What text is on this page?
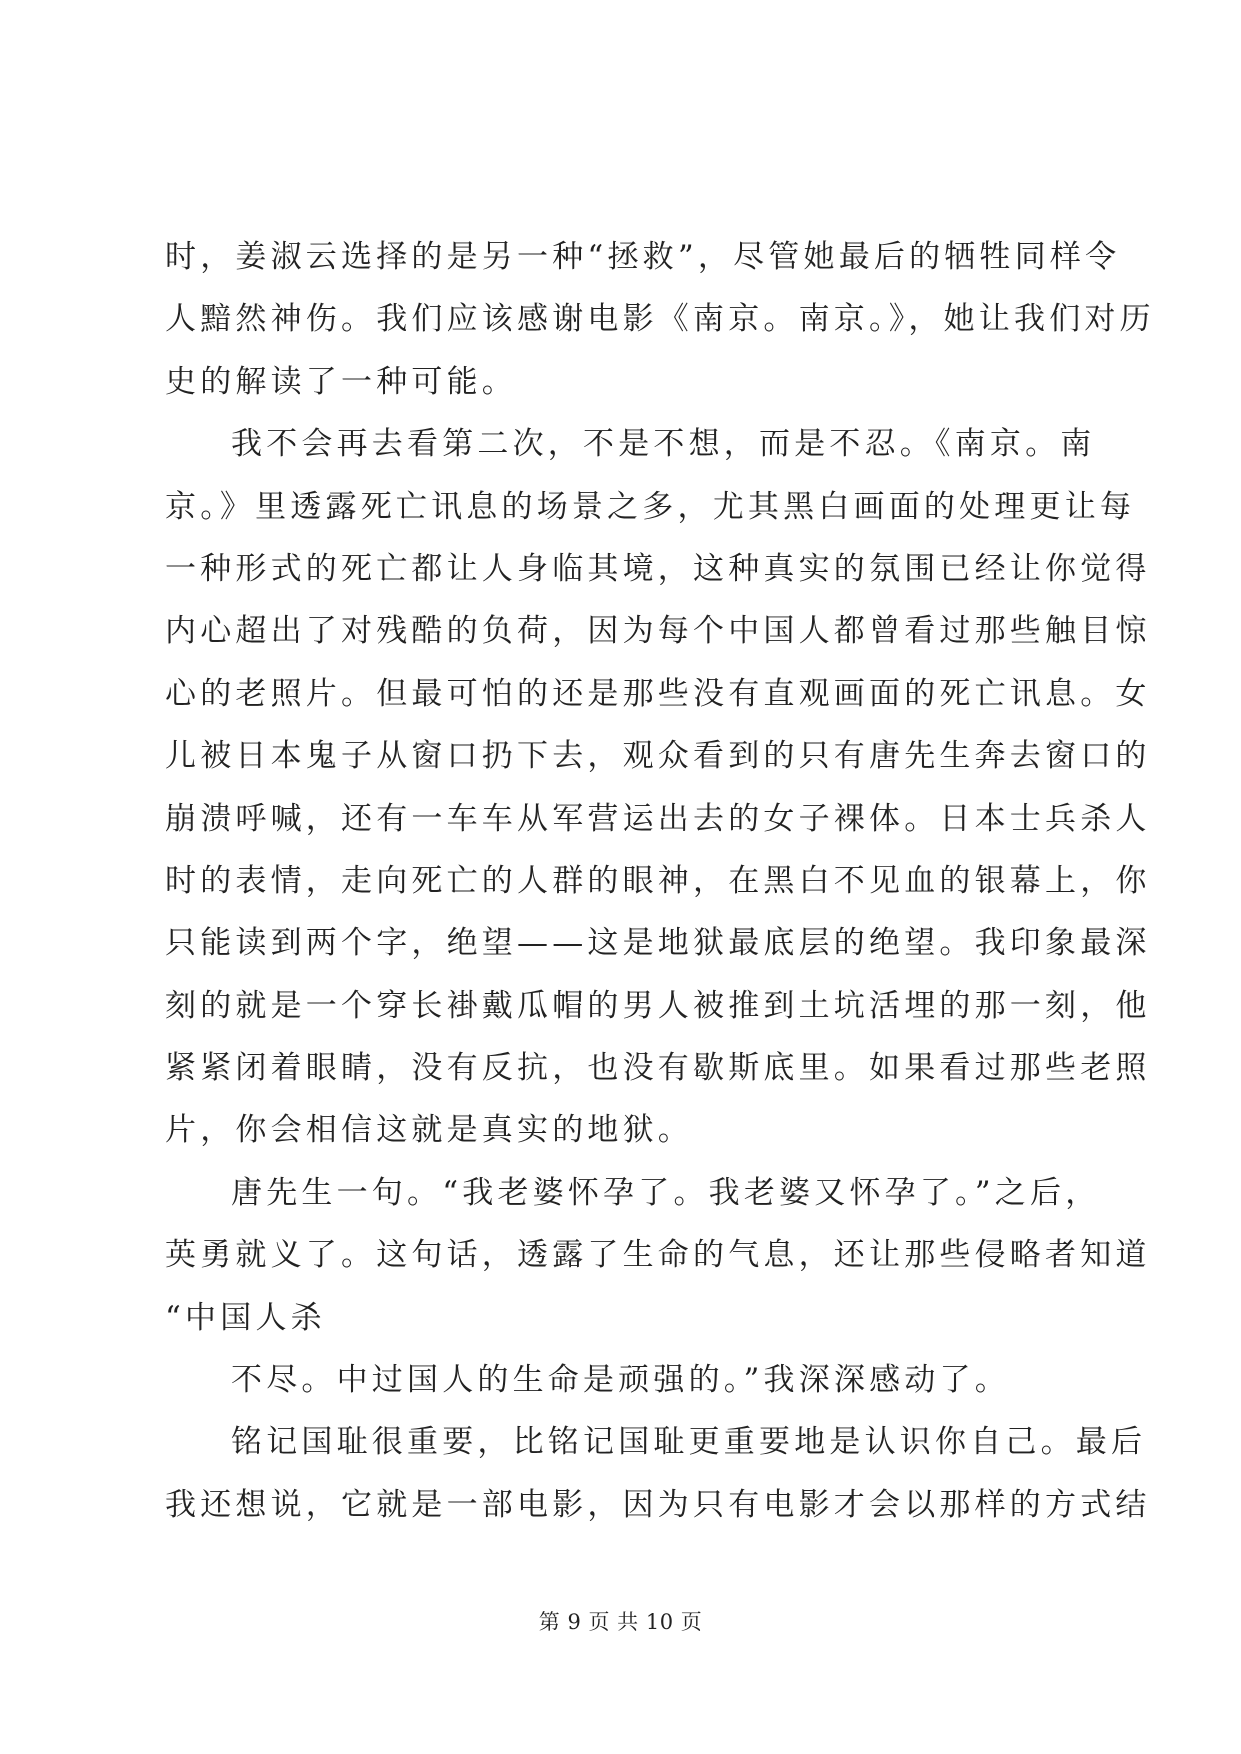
时，姜淑云选择的是另一种“拯救”，尽管她最后的牺牲同样令
人黯然神伤。我们应该感谢电影《南京。南京。》，她让我们对历
史的解读了一种可能。
我不会再去看第二次，不是不想，而是不忍。《南京。南
京。》里透露死亡讯息的场景之多，尤其黑白画面的处理更让每
一种形式的死亡都让人身临其境，这种真实的氛围已经让你觉得
内心超出了对残酷的负荷，因为每个中国人都曾看过那些触目惊
心的老照片。但最可怕的还是那些没有直观画面的死亡讯息。女
儿被日本鬼子从窗口扔下去，观众看到的只有唐先生奔去窗口的
崩溃呼喊，还有一车车从军营运出去的女子裸体。日本士兵杀人
时的表情，走向死亡的人群的眼神，在黑白不见血的银幕上，你
只能读到两个字，绝望——这是地狱最底层的绝望。我印象最深
刻的就是一个穿长褂戴瓜帽的男人被推到土坑活埋的那一刻，他
紧紧闭着眼睛，没有反抗，也没有歇斯底里。如果看过那些老照
片，你会相信这就是真实的地狱。
唐先生一句。“我老婆怀孕了。我老婆又怀孕了。”之后，
英勇就义了。这句话，透露了生命的气息，还让那些侵略者知道
“中国人杀
不尽。中过国人的生命是顽强的。”我深深感动了。
铭记国耻很重要，比铭记国耻更重要地是认识你自己。最后
我还想说，它就是一部电影，因为只有电影才会以那样的方式结
第 9 页 共 10 页
